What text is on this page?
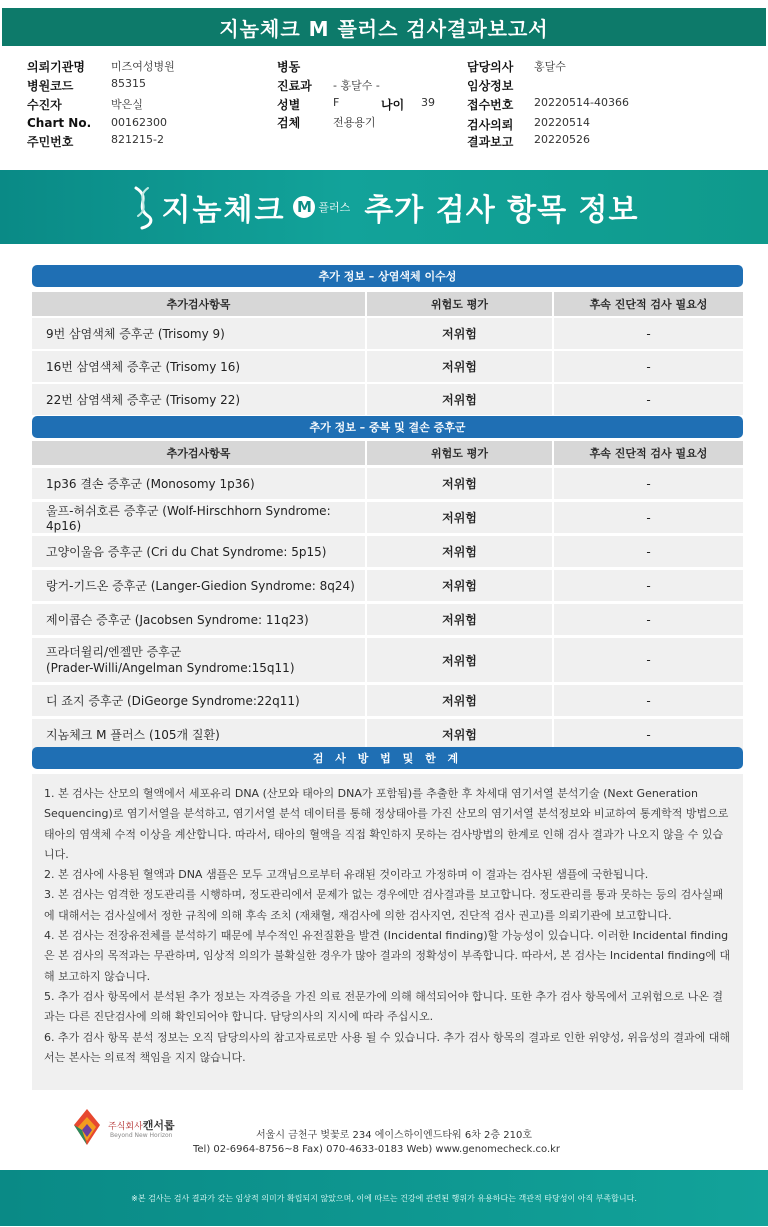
지놈체크 M 플러스 검사결과보고서
의뢰기관명 미즈여성병원
병원코드	85315
수진자	박은실
Chart No. 00162300
주민번호	821215-2
병동
진료과 - 홍달수 -
성별	F	나이 39
검체	전용용기
담당의사 홍달수
임상정보
접수번호 20220514-40366
검사의뢰 20220514
결과보고 20220526
지놈체크 M 플러스 추가 검사 항목 정보
추가 정보 – 상염색체 이수성
추가검사항목	위험도 평가	후속 진단적 검사 필요성
9번 삼염색체 증후군 (Trisomy 9)	저위험	-
16번 삼염색체 증후군 (Trisomy 16)	저위험	-
22번 삼염색체 증후군 (Trisomy 22)	저위험	-
추가 정보 – 중복 및 결손 증후군
추가검사항목	위험도 평가	후속 진단적 검사 필요성
1p36 결손 증후군 (Monosomy 1p36)	저위험	-
울프-허쉬호른 증후군 (Wolf-Hirschhorn Syndrome: 4p16)
저위험	-
고양이울음 증후군 (Cri du Chat Syndrome: 5p15)	저위험	-
랑거-기드온 증후군 (Langer-Giedion Syndrome: 8q24)	저위험	-
제이콥슨 증후군 (Jacobsen Syndrome: 11q23)	저위험	-
프라더윌리/엔젤만 증후군
(Prader-Willi/Angelman Syndrome:15q11)
저위험	-
디 죠지 증후군 (DiGeorge Syndrome:22q11)	저위험	-
지놈체크 M 플러스 (105개 질환)	저위험	-
검 사 방 법 및 한 계
1. 본 검사는 산모의 혈액에서 세포유리 DNA (산모와 태아의 DNA가 포함됨)를 추출한 후 차세대 염기서열 분석기술 (Next Generation Sequencing)로 염기서열을 분석하고, 염기서열 분석 데이터를 통해 정상태아를 가진 산모의 염기서열 분석정보와 비교하여 통계학적 방법으로 태아의 염색체 수적 이상을 계산합니다. 따라서, 태아의 혈액을 직접 확인하지 못하는 검사방법의 한계로 인해 검사 결과가 나오지 않을 수 있습니다.
2. 본 검사에 사용된 혈액과 DNA 샘플은 모두 고객님으로부터 유래된 것이라고 가정하며 이 결과는 검사된 샘플에 국한됩니다.
3. 본 검사는 엄격한 정도관리를 시행하며, 정도관리에서 문제가 없는 경우에만 검사결과를 보고합니다. 정도관리를 통과 못하는 등의 검사실패에 대해서는 검사실에서 정한 규칙에 의해 후속 조치 (재채혈, 재검사에 의한 검사지연, 진단적 검사 권고)를 의뢰기관에 보고합니다.
4. 본 검사는 전장유전체를 분석하기 때문에 부수적인 유전질환을 발견 (Incidental finding)할 가능성이 있습니다. 이러한 Incidental finding은 본 검사의 목적과는 무관하며, 임상적 의의가 불확실한 경우가 많아 결과의 정확성이 부족합니다. 따라서, 본 검사는 Incidental finding에 대해 보고하지 않습니다.
5. 추가 검사 항목에서 분석된 추가 정보는 자격증을 가진 의료 전문가에 의해 해석되어야 합니다. 또한 추가 검사 항목에서 고위험으로 나온 결과는 다른 진단검사에 의해 확인되어야 합니다. 담당의사의 지시에 따라 주십시오.
6. 추가 검사 항목 분석 정보는 오직 담당의사의 참고자료로만 사용 될 수 있습니다. 추가 검사 항목의 결과로 인한 위양성, 위음성의 결과에 대해서는 본사는 의료적 책임을 지지 않습니다.
주식회사캔서롭
Beyond New Horizon	서울시 금천구 벚꽃로 234 에이스하이엔드타워 6차 2층 210호
Tel) 02-6964-8756~8 Fax) 070-4633-0183 Web) www.genomecheck.co.kr
※본 검사는 검사 결과가 갖는 임상적 의미가 확립되지 않았으며, 이에 따르는 건강에 관련된 행위가 유용하다는 객관적 타당성이 아직 부족합니다.
